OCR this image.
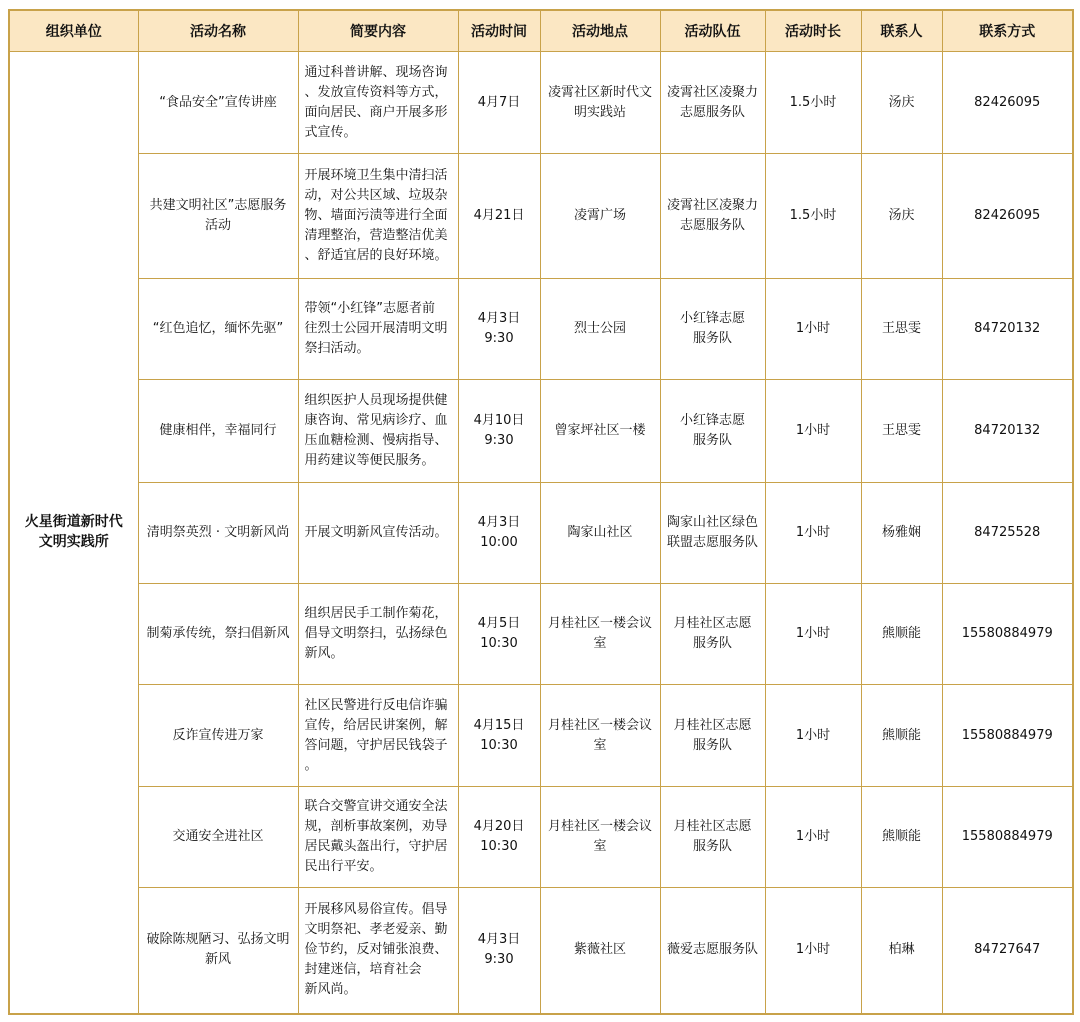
组织单位	活动名称	简要内容	活动时间	活动地点	活动队伍	活动时长	联系人	联系方式
火星街道新时代
文明实践所	“食品安全”宣传讲座	通过科普讲解、现场咨询
、发放宣传资料等方式，
面向居民、商户开展多形
式宣传。	4月7日	凌霄社区新时代文
明实践站	凌霄社区凌聚力
志愿服务队	1.5小时	汤庆	82426095
	共建文明社区”志愿服务
活动	开展环境卫生集中清扫活
动，对公共区域、垃圾杂
物、墙面污渍等进行全面
清理整治，营造整洁优美
、舒适宜居的良好环境。	4月21日	凌霄广场	凌霄社区凌聚力
志愿服务队	1.5小时	汤庆	82426095
	“红色追忆，缅怀先驱”	带领“小红锋”志愿者前
往烈士公园开展清明文明
祭扫活动。	4月3日
9:30	烈士公园	小红锋志愿
服务队	1小时	王思雯	84720132
	健康相伴，幸福同行	组织医护人员现场提供健
康咨询、常见病诊疗、血
压血糖检测、慢病指导、
用药建议等便民服务。	4月10日
9:30	曾家坪社区一楼	小红锋志愿
服务队	1小时	王思雯	84720132
	清明祭英烈 · 文明新风尚	开展文明新风宣传活动。	4月3日
10:00	陶家山社区	陶家山社区绿色
联盟志愿服务队	1小时	杨雅娴	84725528
	制菊承传统，祭扫倡新风	组织居民手工制作菊花，
倡导文明祭扫，弘扬绿色
新风。	4月5日
10:30	月桂社区一楼会议
室	月桂社区志愿
服务队	1小时	熊顺能	15580884979
	反诈宣传进万家	社区民警进行反电信诈骗
宣传，给居民讲案例，解
答问题，守护居民钱袋子
。	4月15日
10:30	月桂社区一楼会议
室	月桂社区志愿
服务队	1小时	熊顺能	15580884979
	交通安全进社区	联合交警宣讲交通安全法
规，剖析事故案例，劝导
居民戴头盔出行，守护居
民出行平安。	4月20日
10:30	月桂社区一楼会议
室	月桂社区志愿
服务队	1小时	熊顺能	15580884979
	破除陈规陋习、弘扬文明
新风	开展移风易俗宣传。倡导
文明祭祀、孝老爱亲、勤
俭节约，反对铺张浪费、
封建迷信，培育社会
新风尚。	4月3日
9:30	紫薇社区	薇爱志愿服务队	1小时	柏琳	84727647
